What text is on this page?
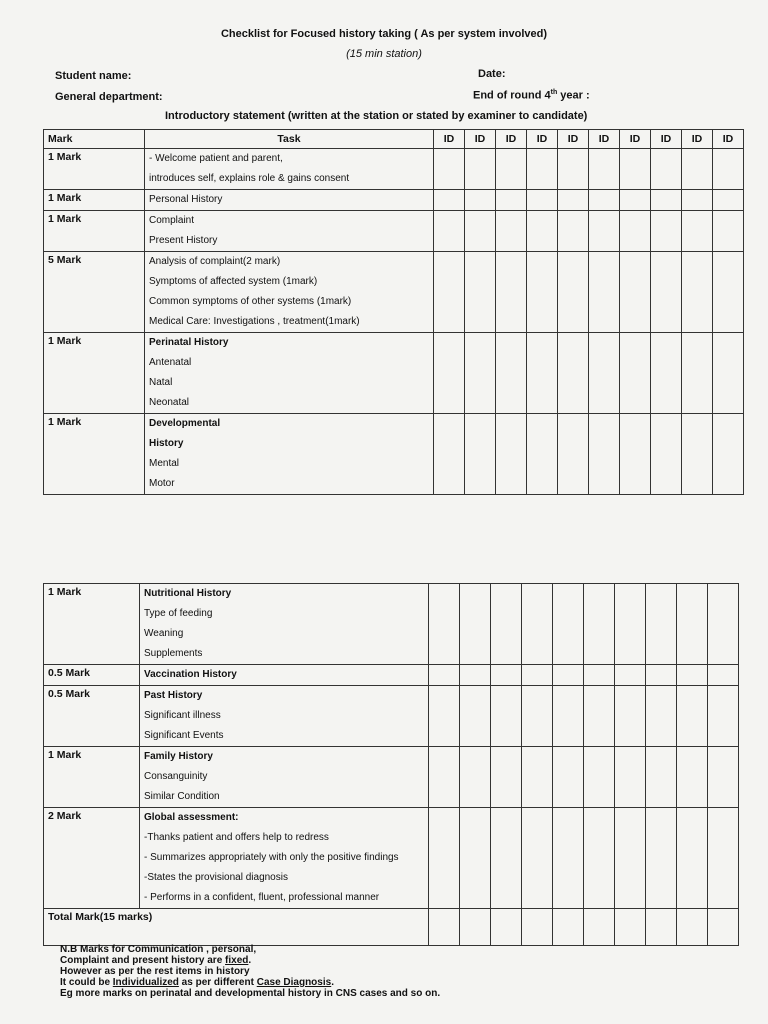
Checklist for Focused history taking ( As per system involved)
(15 min station)
Student name:	Date:
General department:	End of round 4th year :
Introductory statement (written at the station or stated by examiner to candidate)
Mark	Task	ID	ID	ID	ID	ID	ID	ID	ID	ID	ID
1 Mark	- Welcome patient and parent,
introduces self, explains role & gains consent										

1 Mark	Personal History										

1 Mark	Complaint
Present History										

5 Mark	Analysis of complaint(2 mark)
Symptoms of affected system (1mark)
Common symptoms of other systems (1mark)
Medical Care: Investigations , treatment(1mark)										

1 Mark	Perinatal History
Antenatal
Natal
Neonatal										

1 Mark	Developmental
History
Mental
Motor										

1 Mark	Nutritional History
Type of feeding
Weaning
Supplements										

0.5 Mark	Vaccination History										

0.5 Mark	Past History
Significant illness
Significant Events										

1 Mark	Family History
Consanguinity
Similar Condition										

2 Mark	Global assessment:
-Thanks patient and offers help to redress
- Summarizes appropriately with only the positive findings
-States the provisional diagnosis
- Performs in a confident, fluent, professional manner										

Total Mark(15 marks)											
N.B Marks for Communication , personal,
Complaint and present history are fixed.
However as per the rest items in history
It could be Individualized as per different Case Diagnosis.
Eg more marks on perinatal and developmental history in CNS cases and so on.
